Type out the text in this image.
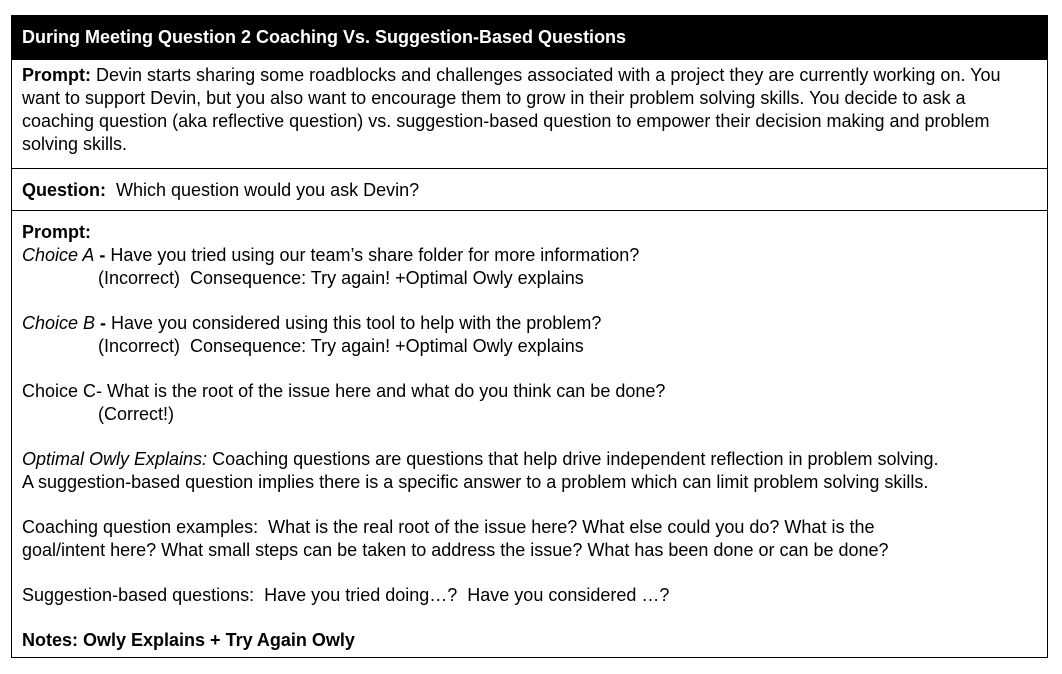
During Meeting Question 2 Coaching Vs. Suggestion-Based Questions
Prompt: Devin starts sharing some roadblocks and challenges associated with a project they are currently working on. You want to support Devin, but you also want to encourage them to grow in their problem solving skills. You decide to ask a coaching question (aka reflective question) vs. suggestion-based question to empower their decision making and problem solving skills.
Question: Which question would you ask Devin?
Prompt:
Choice A - Have you tried using our team’s share folder for more information?
(Incorrect)  Consequence: Try again! +Optimal Owly explains
Choice B - Have you considered using this tool to help with the problem?
(Incorrect)  Consequence: Try again! +Optimal Owly explains
Choice C- What is the root of the issue here and what do you think can be done?
(Correct!)
Optimal Owly Explains: Coaching questions are questions that help drive independent reflection in problem solving.
A suggestion-based question implies there is a specific answer to a problem which can limit problem solving skills.
Coaching question examples:  What is the real root of the issue here? What else could you do? What is the
goal/intent here? What small steps can be taken to address the issue? What has been done or can be done?
Suggestion-based questions:  Have you tried doing…?  Have you considered …?
Notes: Owly Explains + Try Again Owly
